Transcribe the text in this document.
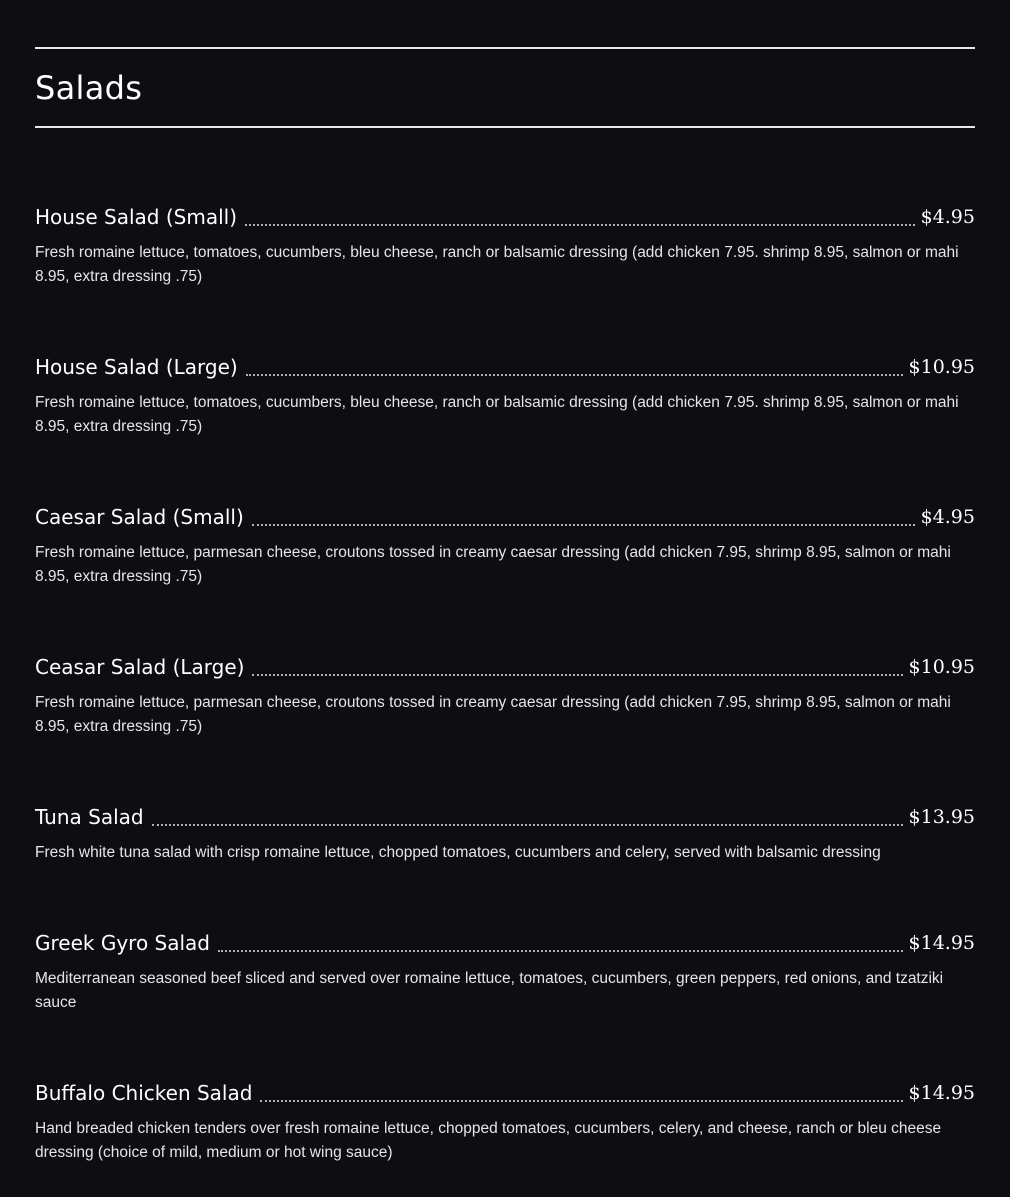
Salads
House Salad (Small)	$4.95
Fresh romaine lettuce, tomatoes, cucumbers, bleu cheese, ranch or balsamic dressing (add chicken 7.95. shrimp 8.95, salmon or mahi 8.95, extra dressing .75)
House Salad (Large)	$10.95
Fresh romaine lettuce, tomatoes, cucumbers, bleu cheese, ranch or balsamic dressing (add chicken 7.95. shrimp 8.95, salmon or mahi 8.95, extra dressing .75)
Caesar Salad (Small)	$4.95
Fresh romaine lettuce, parmesan cheese, croutons tossed in creamy caesar dressing (add chicken 7.95, shrimp 8.95, salmon or mahi 8.95, extra dressing .75)
Ceasar Salad (Large)	$10.95
Fresh romaine lettuce, parmesan cheese, croutons tossed in creamy caesar dressing (add chicken 7.95, shrimp 8.95, salmon or mahi 8.95, extra dressing .75)
Tuna Salad	$13.95
Fresh white tuna salad with crisp romaine lettuce, chopped tomatoes, cucumbers and celery, served with balsamic dressing
Greek Gyro Salad	$14.95
Mediterranean seasoned beef sliced and served over romaine lettuce, tomatoes, cucumbers, green peppers, red onions, and tzatziki sauce
Buffalo Chicken Salad	$14.95
Hand breaded chicken tenders over fresh romaine lettuce, chopped tomatoes, cucumbers, celery, and cheese, ranch or bleu cheese dressing (choice of mild, medium or hot wing sauce)
